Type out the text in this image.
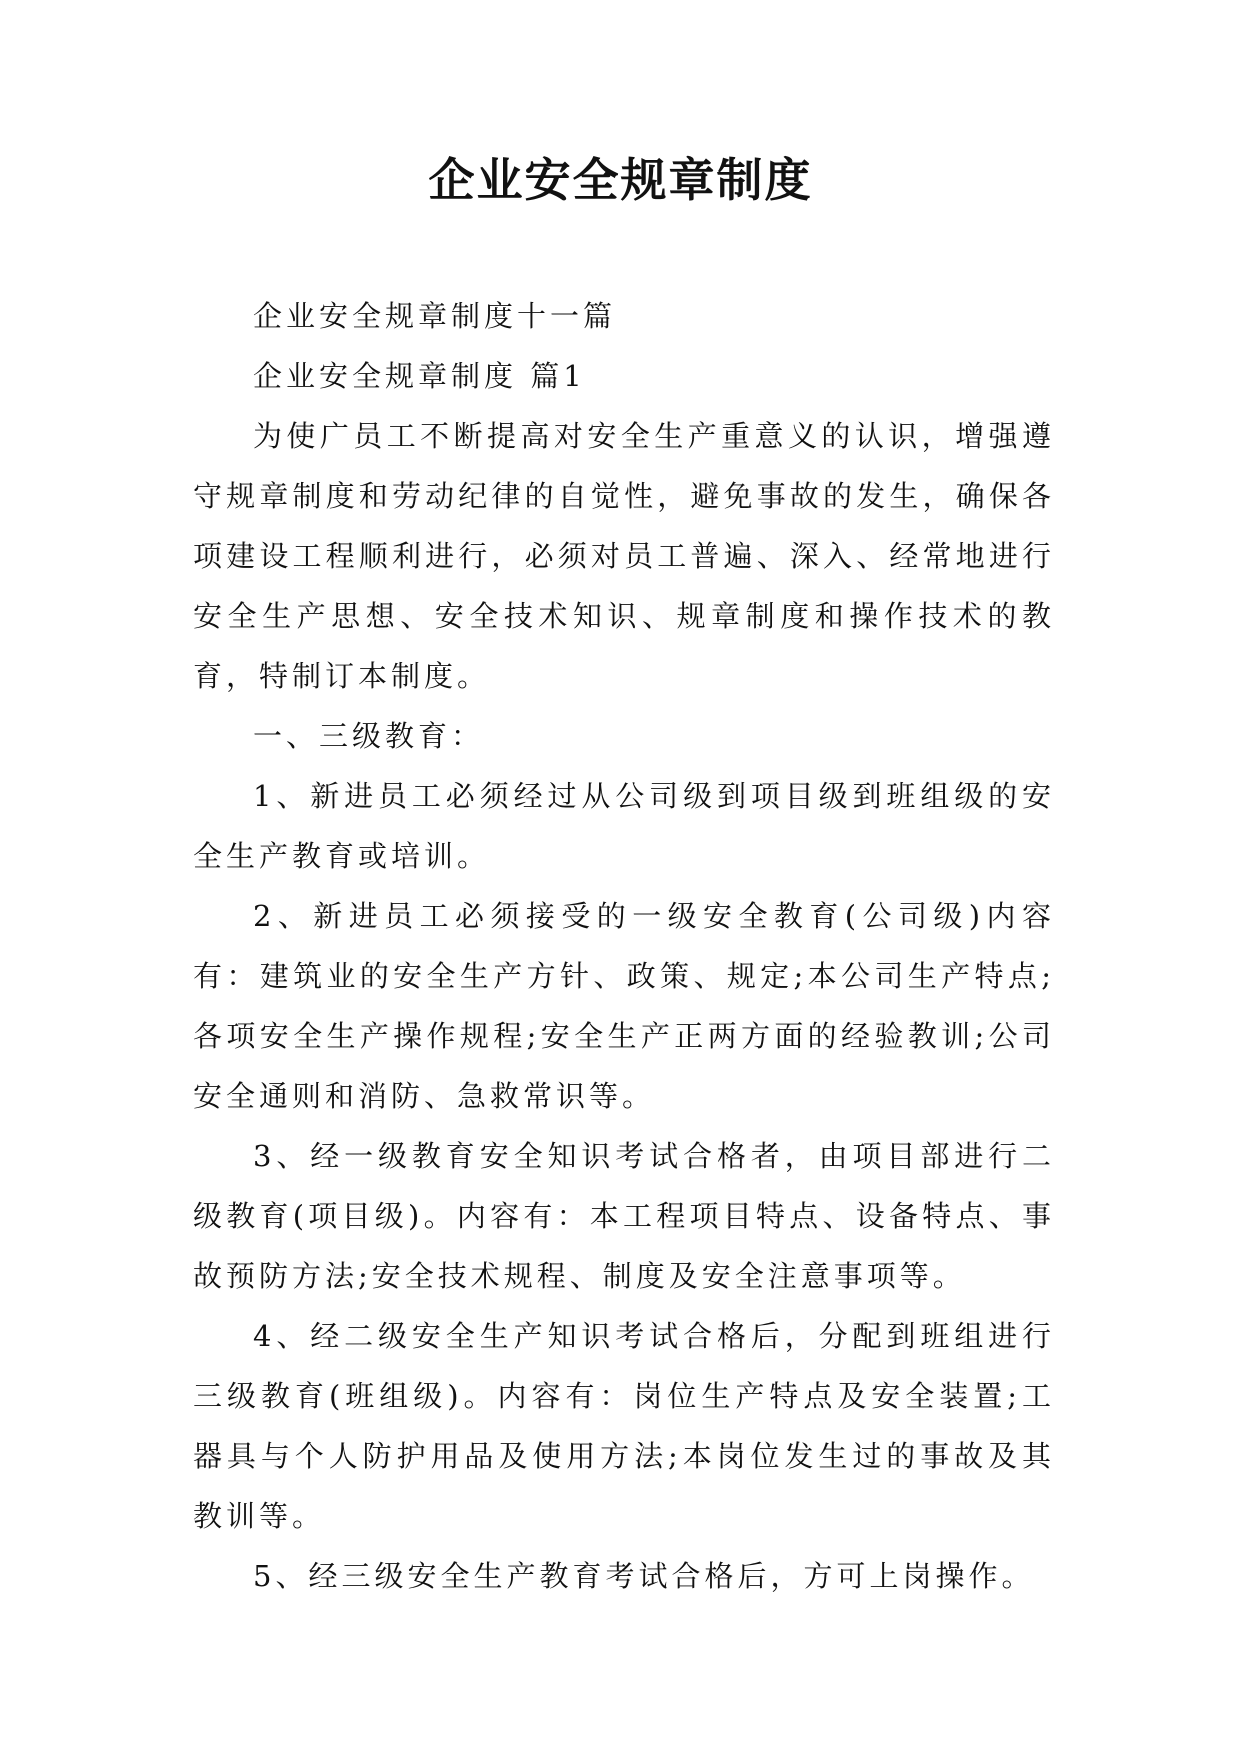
企业安全规章制度

企业安全规章制度十一篇

企业安全规章制度 篇1

为使广员工不断提高对安全生产重意义的认识，增强遵守规章制度和劳动纪律的自觉性，避免事故的发生，确保各项建设工程顺利进行，必须对员工普遍、深入、经常地进行安全生产思想、安全技术知识、规章制度和操作技术的教育，特制订本制度。

一、三级教育：

1、新进员工必须经过从公司级到项目级到班组级的安全生产教育或培训。

2、新进员工必须接受的一级安全教育(公司级)内容有：建筑业的安全生产方针、政策、规定;本公司生产特点;各项安全生产操作规程;安全生产正两方面的经验教训;公司安全通则和消防、急救常识等。

3、经一级教育安全知识考试合格者，由项目部进行二级教育(项目级)。内容有：本工程项目特点、设备特点、事故预防方法;安全技术规程、制度及安全注意事项等。

4、经二级安全生产知识考试合格后，分配到班组进行三级教育(班组级)。内容有：岗位生产特点及安全装置;工器具与个人防护用品及使用方法;本岗位发生过的事故及其教训等。

5、经三级安全生产教育考试合格后，方可上岗操作。
